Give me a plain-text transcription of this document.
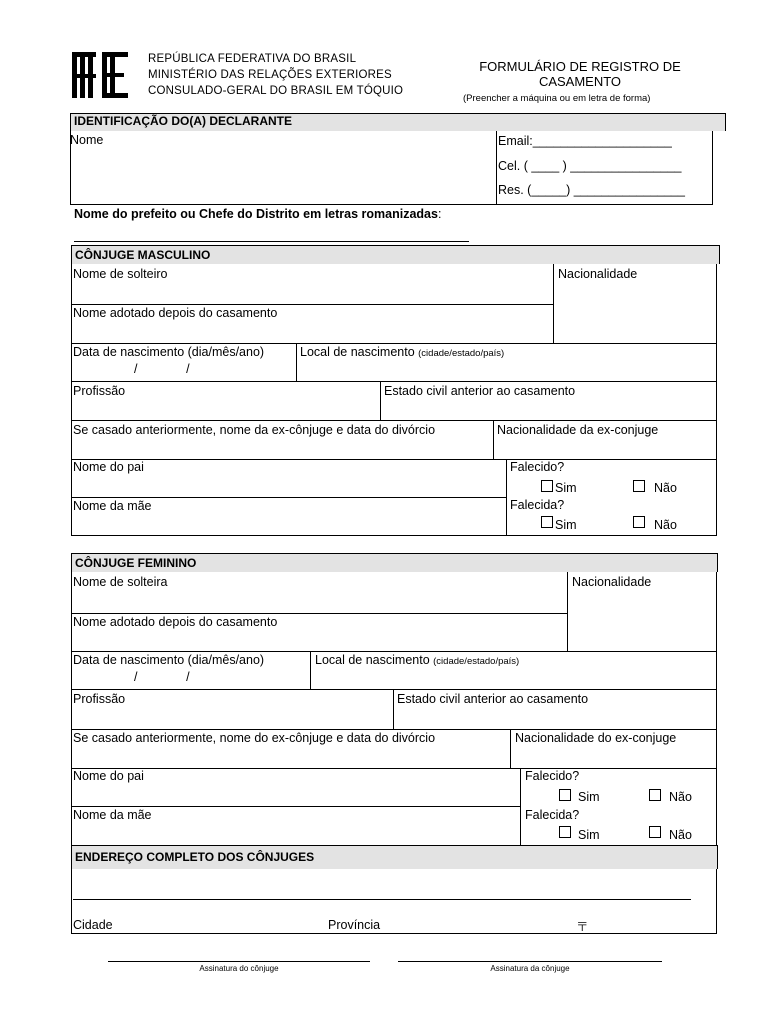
REPÚBLICA FEDERATIVA DO BRASIL
MINISTÉRIO DAS RELAÇÕES EXTERIORES
CONSULADO-GERAL DO BRASIL EM TÓQUIO
FORMULÁRIO DE REGISTRO DE
CASAMENTO
(Preencher a máquina ou em letra de forma)
IDENTIFICAÇÃO DO(A) DECLARANTE
Nome	Email:____________________
Cel. ( ____ ) ________________
Res. (_____) ________________
Nome do prefeito ou Chefe do Distrito em letras romanizadas:
CÔNJUGE MASCULINO
Nome de solteiro	Nacionalidade
Nome adotado depois do casamento
Data de nascimento (dia/mês/ano)
/              /
Local de nascimento (cidade/estado/país)
Profissão	Estado civil anterior ao casamento
Se casado anteriormente, nome da ex-cônjuge e data do divórcio	Nacionalidade da ex-conjuge
Nome do pai	Falecido?
Sim	Não
Nome da mãe	Falecida?
Sim	Não
CÔNJUGE FEMININO
Nome de solteira	Nacionalidade
Nome adotado depois do casamento
Data de nascimento (dia/mês/ano)
/              /
Local de nascimento (cidade/estado/país)
Profissão	Estado civil anterior ao casamento
Se casado anteriormente, nome do ex-cônjuge e data do divórcio	Nacionalidade do ex-conjuge
Nome do pai	Falecido?
Sim	Não
Nome da mãe	Falecida?
Sim	Não
ENDEREÇO COMPLETO DOS CÔNJUGES
Cidade	Província	〒
Assinatura do cônjuge	Assinatura da cônjuge
